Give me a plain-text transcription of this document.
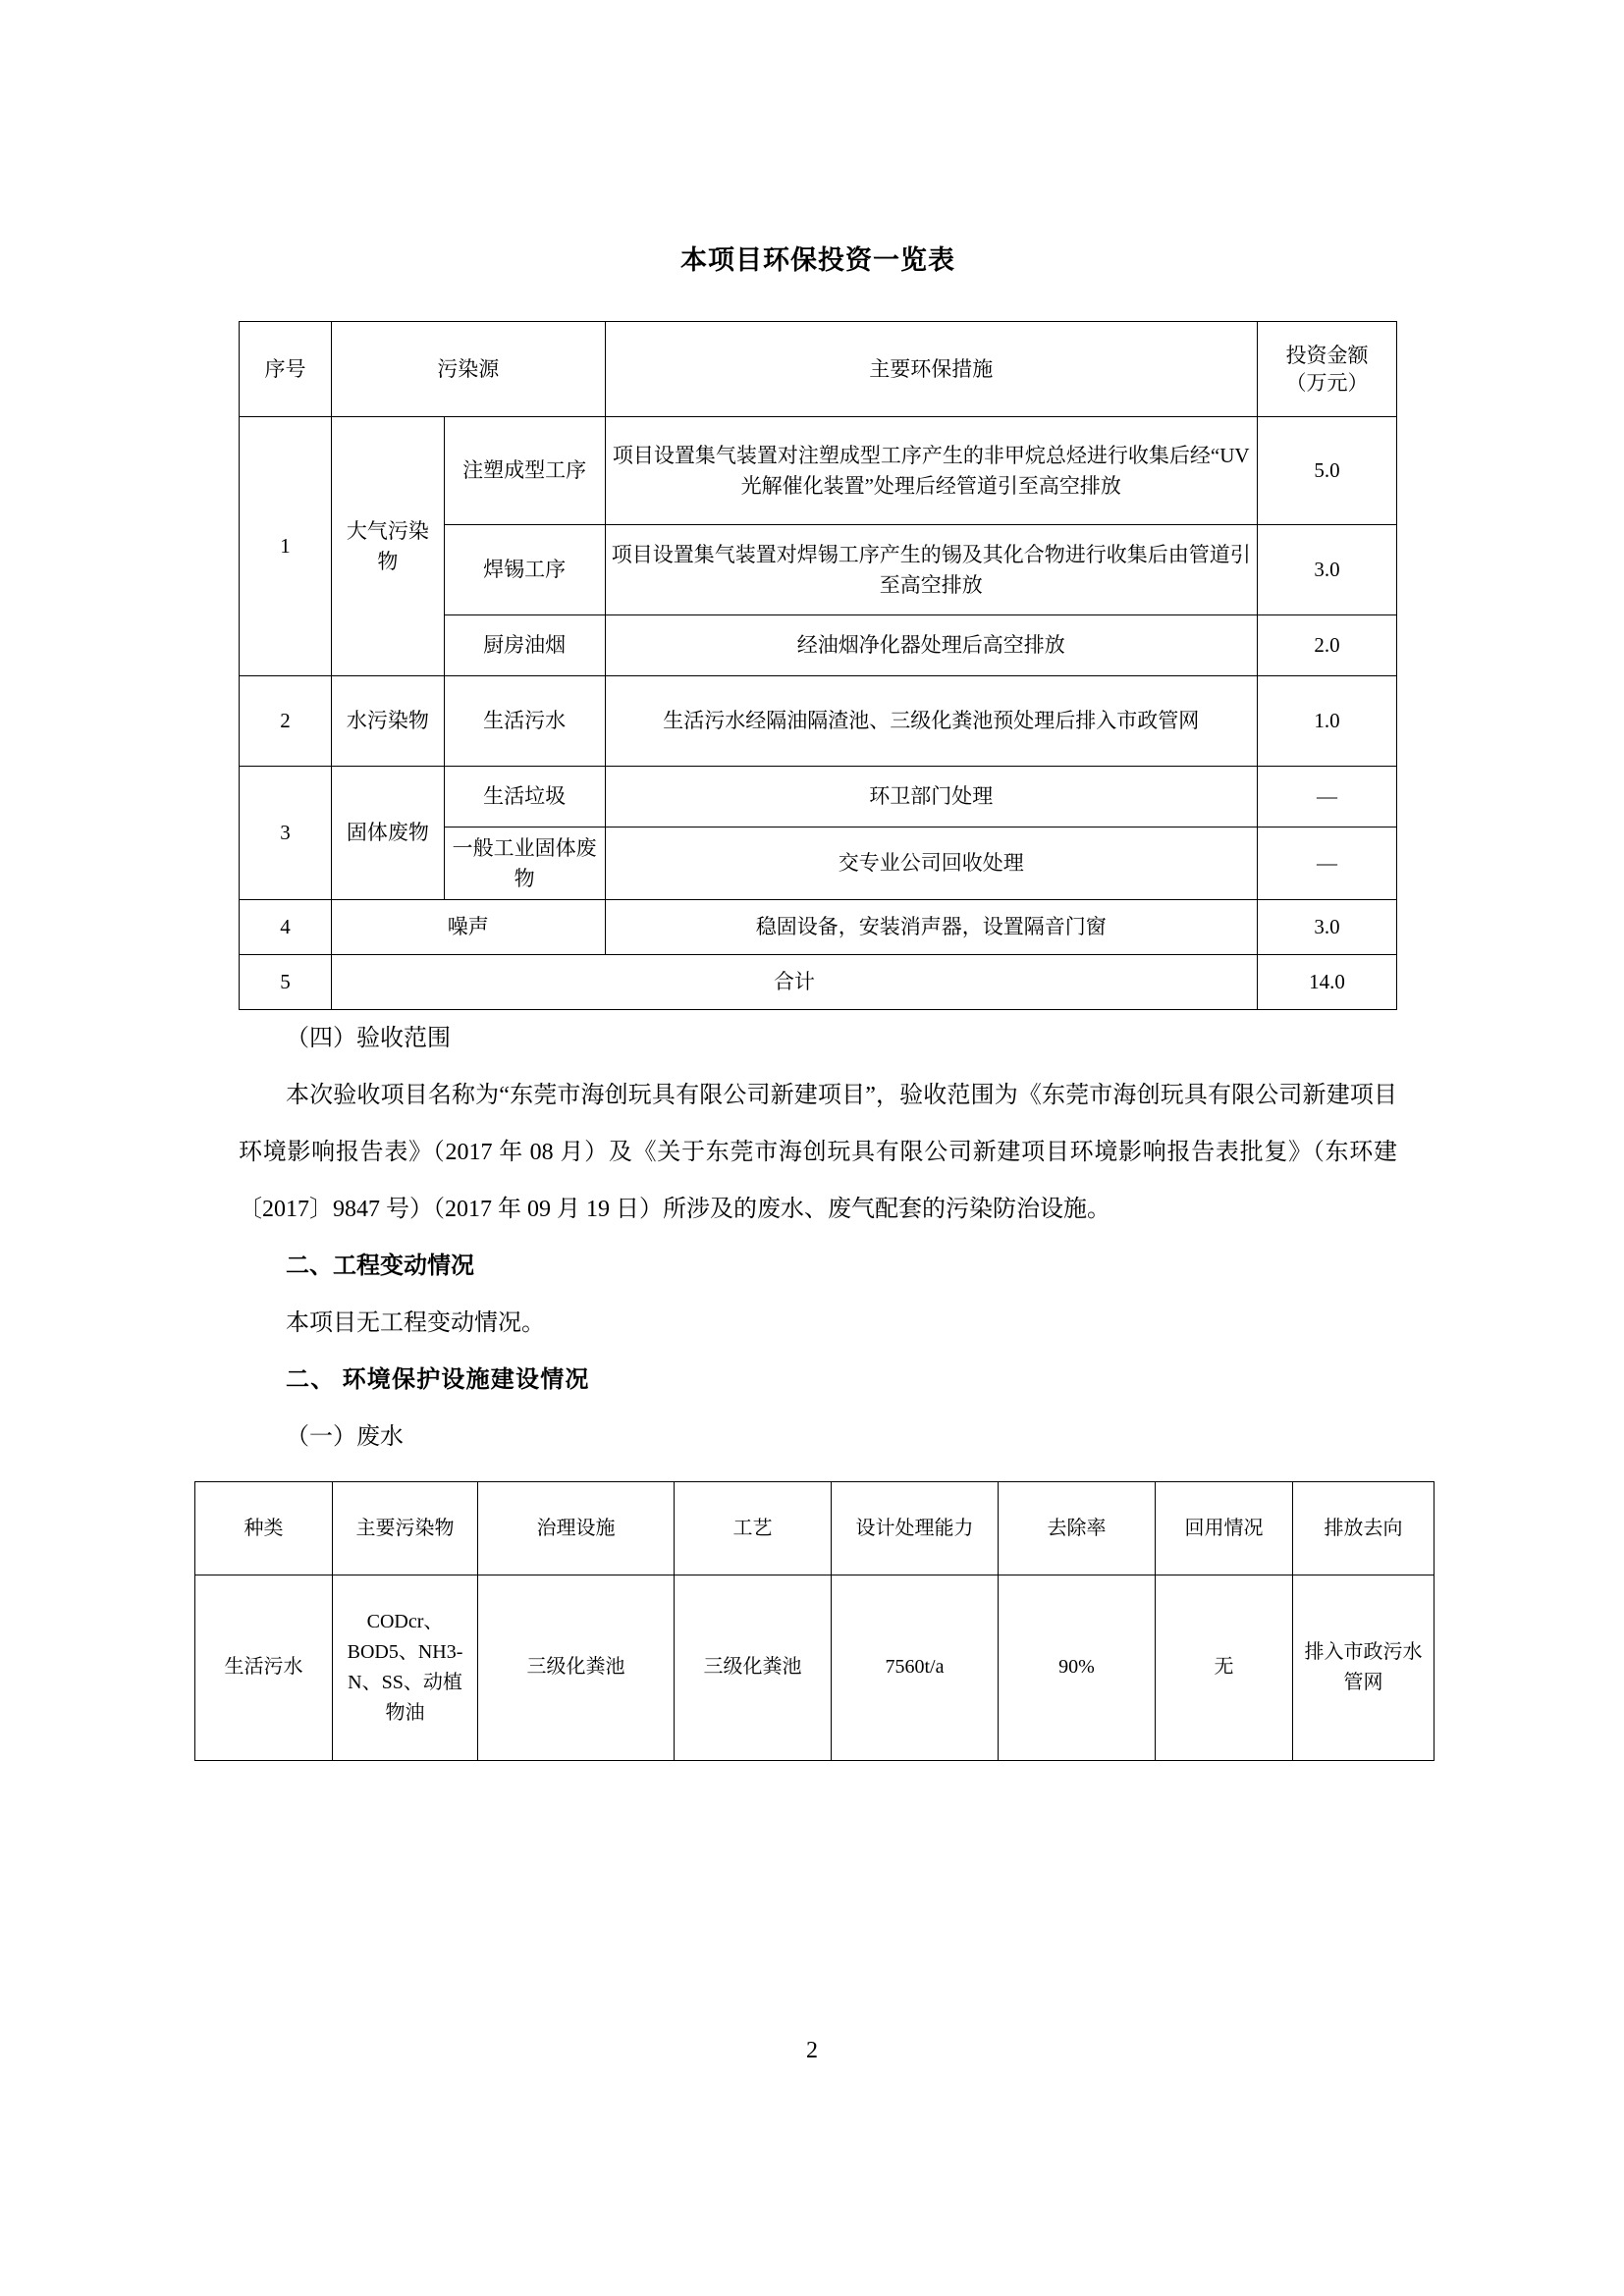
本项目环保投资一览表
序号	污染源		主要环保措施	投资金额
（万元）

1	大气污染物	注塑成型工序	项目设置集气装置对注塑成型工序产生的非甲烷总烃进行收集后经“UV 光解催化装置”处理后经管道引至高空排放	5.0
		焊锡工序	项目设置集气装置对焊锡工序产生的锡及其化合物进行收集后由管道引至高空排放	3.0
		厨房油烟	经油烟净化器处理后高空排放	2.0
2	水污染物	生活污水	生活污水经隔油隔渣池、三级化粪池预处理后排入市政管网	1.0
3	固体废物	生活垃圾	环卫部门处理	—
		一般工业固体废物	交专业公司回收处理	—
4	噪声		稳固设备，安装消声器，设置隔音门窗	3.0
5	合计			14.0
（四）验收范围

本次验收项目名称为“东莞市海创玩具有限公司新建项目”，验收范围为《东莞市海创玩具有限公司新建项目环境影响报告表》（2017 年 08 月）及《关于东莞市海创玩具有限公司新建项目环境影响报告表批复》（东环建〔2017〕9847 号）（2017 年 09 月 19 日）所涉及的废水、废气配套的污染防治设施。

二、工程变动情况

本项目无工程变动情况。

二、 环境保护设施建设情况
（一）废水
种类	主要污染物	治理设施	工艺	设计处理能力	去除率	回用情况	排放去向
生活污水	CODcr、BOD5、NH3-N、SS、动植物油	三级化粪池	三级化粪池	7560t/a	90%	无	排入市政污水管网
2
